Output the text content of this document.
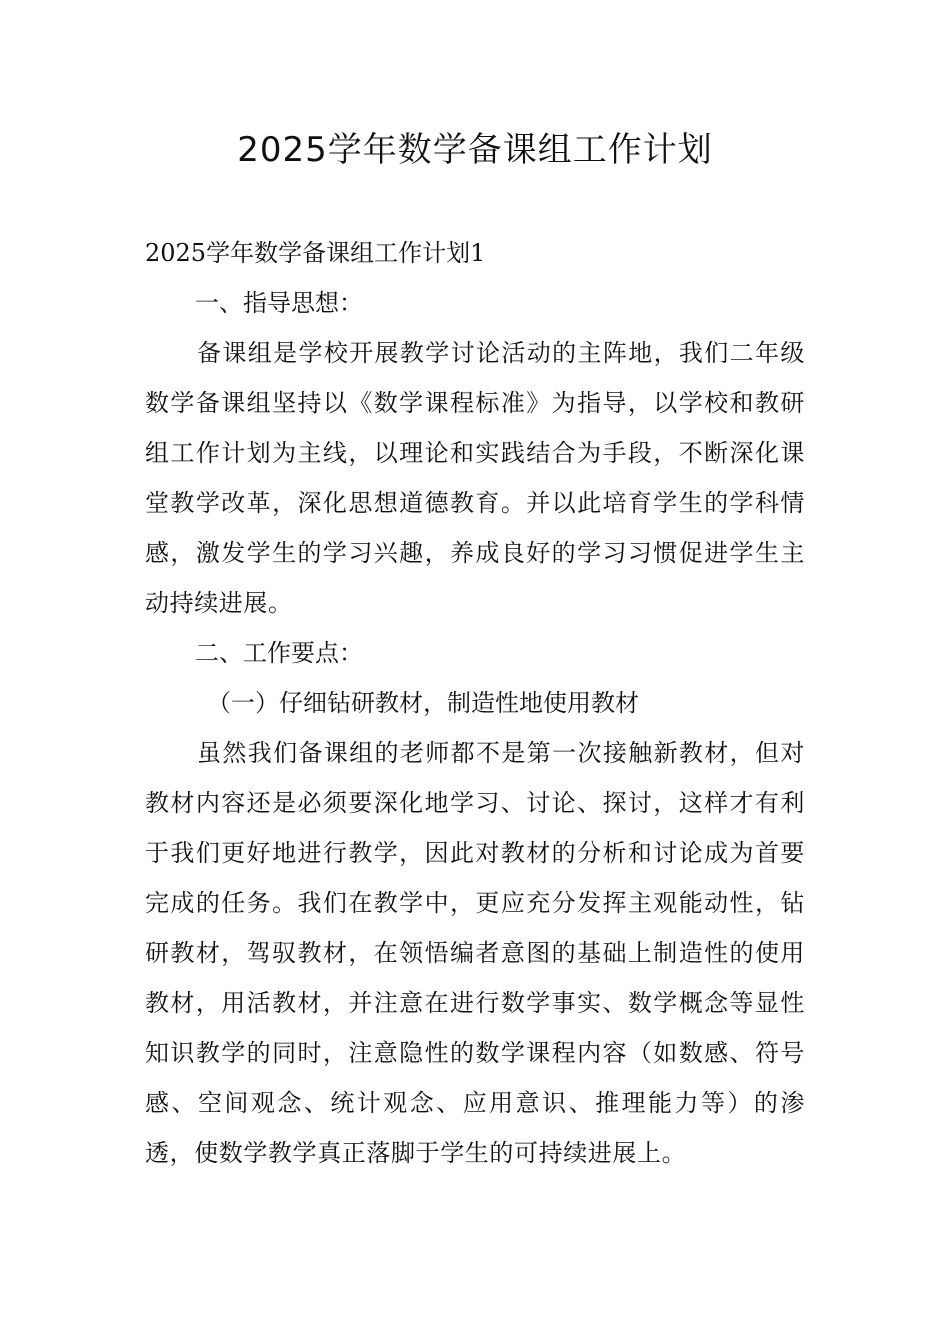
2025学年数学备课组工作计划

2025学年数学备课组工作计划1

一、指导思想：

备课组是学校开展教学讨论活动的主阵地，我们二年级数学备课组坚持以《数学课程标准》为指导，以学校和教研组工作计划为主线，以理论和实践结合为手段，不断深化课堂教学改革，深化思想道德教育。并以此培育学生的学科情感，激发学生的学习兴趣，养成良好的学习习惯促进学生主动持续进展。

二、工作要点：

（一）仔细钻研教材，制造性地使用教材

虽然我们备课组的老师都不是第一次接触新教材，但对教材内容还是必须要深化地学习、讨论、探讨，这样才有利于我们更好地进行教学，因此对教材的分析和讨论成为首要完成的任务。我们在教学中，更应充分发挥主观能动性，钻研教材，驾驭教材，在领悟编者意图的基础上制造性的使用教材，用活教材，并注意在进行数学事实、数学概念等显性知识教学的同时，注意隐性的数学课程内容（如数感、符号感、空间观念、统计观念、应用意识、推理能力等）的渗透，使数学教学真正落脚于学生的可持续进展上。
